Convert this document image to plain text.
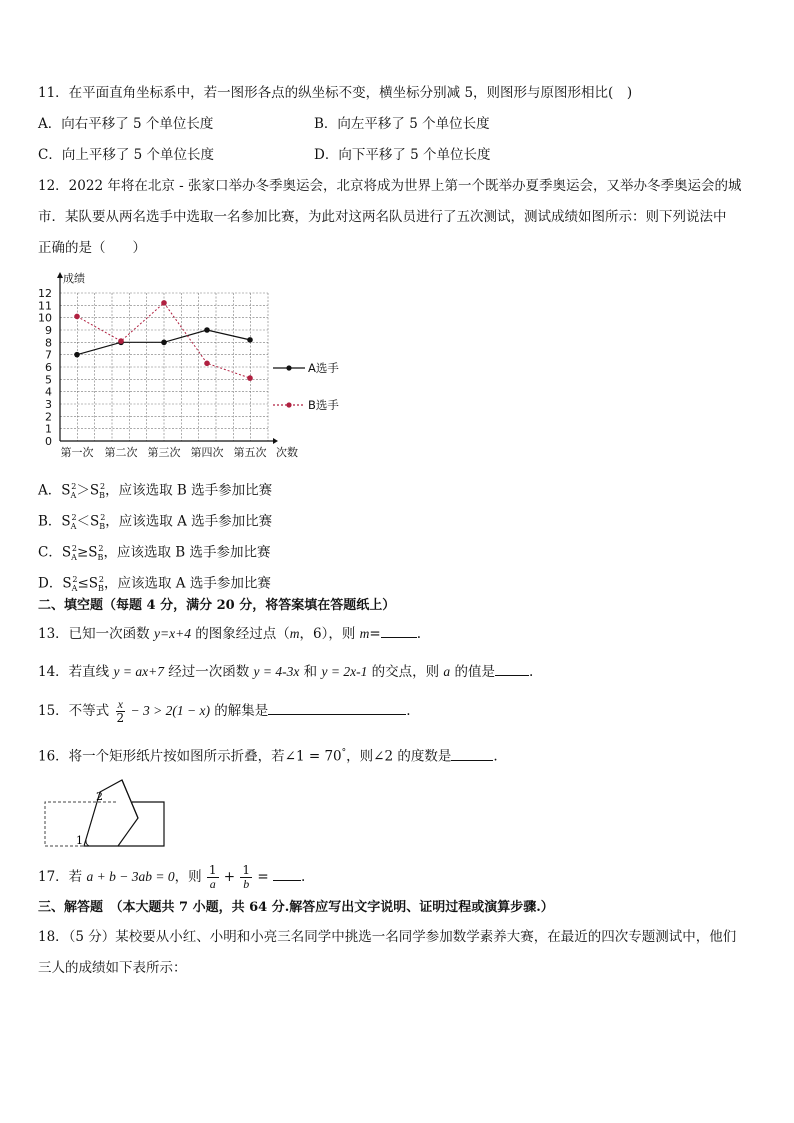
11．在平面直角坐标系中，若一图形各点的纵坐标不变，横坐标分别减 5，则图形与原图形相比(　)
A．向右平移了 5 个单位长度	B．向左平移了 5 个单位长度
C．向上平移了 5 个单位长度	D．向下平移了 5 个单位长度
12．2022 年将在北京 - 张家口举办冬季奥运会，北京将成为世界上第一个既举办夏季奥运会，又举办冬季奥运会的城
市．某队要从两名选手中选取一名参加比赛，为此对这两名队员进行了五次测试，测试成绩如图所示：则下列说法中
正确的是（　　）
0
1
2
3
4
5
6
7
8
9
10
11
12
成绩
第一次 第二次 第三次 第四次 第五次 次数
A选手
B选手
A．$S_A^2>S_B^2$，应该选取 B 选手参加比赛
B．$S_A^2<S_B^2$，应该选取 A 选手参加比赛
C．$S_A^2\ge S_B^2$，应该选取 B 选手参加比赛
D．$S_A^2\le S_B^2$，应该选取 A 选手参加比赛
二、填空题（每题 4 分，满分 20 分，将答案填在答题纸上）
13．已知一次函数 y=x+4 的图象经过点（m，6），则 m=	.
14．若直线 y = ax+7 经过一次函数 y = 4-3x 和 y = 2x-1 的交点，则 a 的值是	.
15．不等式 $\frac{x}{2} - 3 > 2(1 - x)$ 的解集是	.
16．将一个矩形纸片按如图所示折叠，若∠1 = 70°，则∠2 的度数是	.
1
2
17．若 a + b − 3ab = 0，则 $\frac{1}{a} + \frac{1}{b}$ = .
三、解答题　（本大题共 7 小题，共 64 分.解答应写出文字说明、证明过程或演算步骤.）
18．（5 分）某校要从小红、小明和小亮三名同学中挑选一名同学参加数学素养大赛，在最近的四次专题测试中，他们
三人的成绩如下表所示：
